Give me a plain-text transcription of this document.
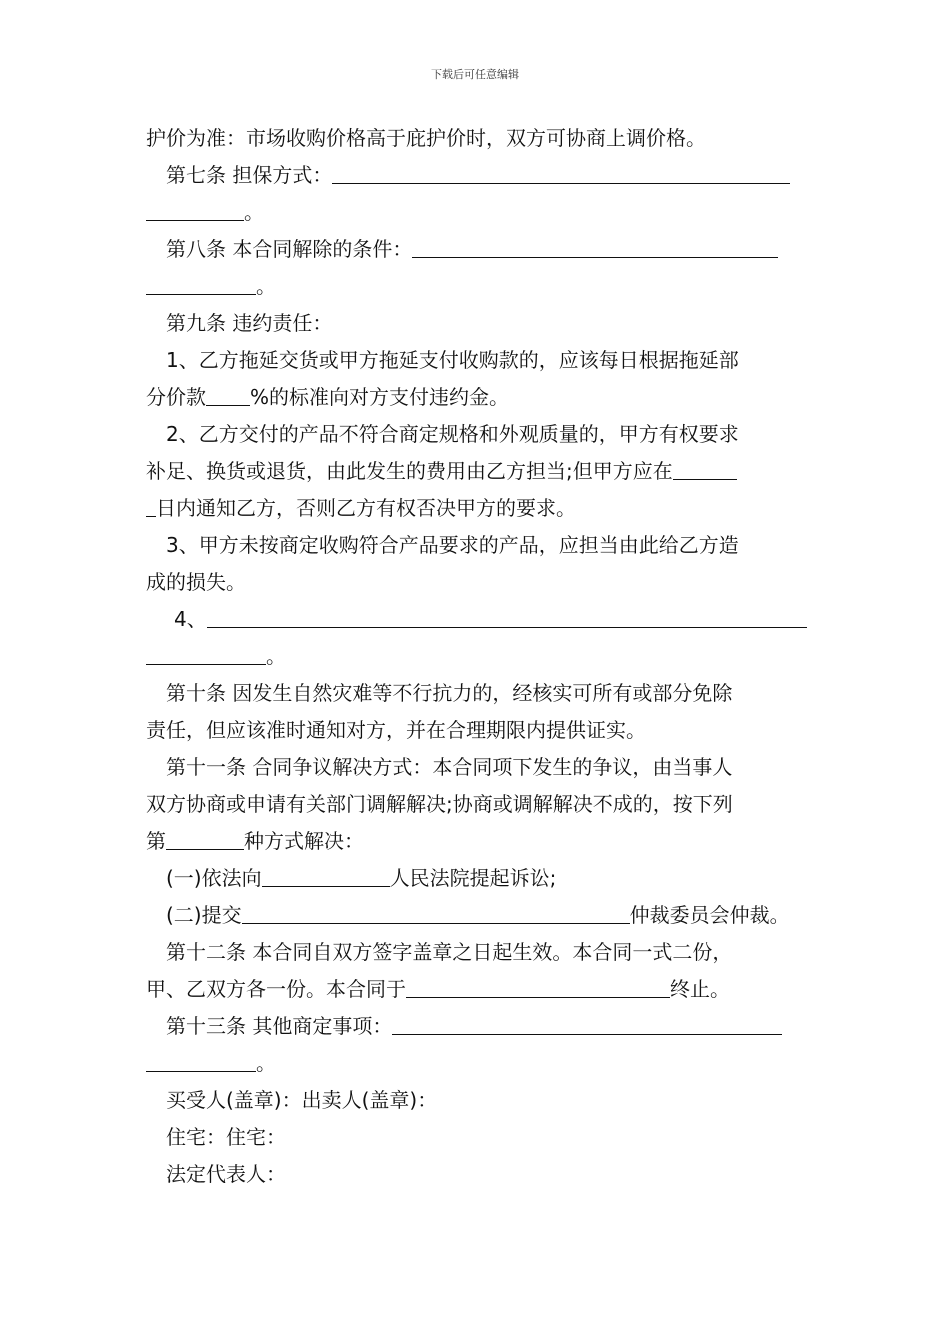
下载后可任意编辑
护价为准：市场收购价格高于庇护价时，双方可协商上调价格。
第七条 担保方式：
。
第八条 本合同解除的条件：
。
第九条 违约责任：
1、乙方拖延交货或甲方拖延支付收购款的，应该每日根据拖延部
分价款 %的标准向对方支付违约金。
2、乙方交付的产品不符合商定规格和外观质量的，甲方有权要求
补足、换货或退货，由此发生的费用由乙方担当;但甲方应在
日内通知乙方，否则乙方有权否决甲方的要求。
3、甲方未按商定收购符合产品要求的产品，应担当由此给乙方造
成的损失。
4、
。
第十条 因发生自然灾难等不行抗力的，经核实可所有或部分免除
责任，但应该准时通知对方，并在合理期限内提供证实。
第十一条 合同争议解决方式：本合同项下发生的争议，由当事人
双方协商或申请有关部门调解解决;协商或调解解决不成的，按下列
第	种方式解决：
(一)依法向	人民法院提起诉讼;
(二)提交	仲裁委员会仲裁。
第十二条 本合同自双方签字盖章之日起生效。本合同一式二份，
甲、乙双方各一份。本合同于	终止。
第十三条 其他商定事项：
。
买受人(盖章)：出卖人(盖章)：
住宅：住宅：
法定代表人：
